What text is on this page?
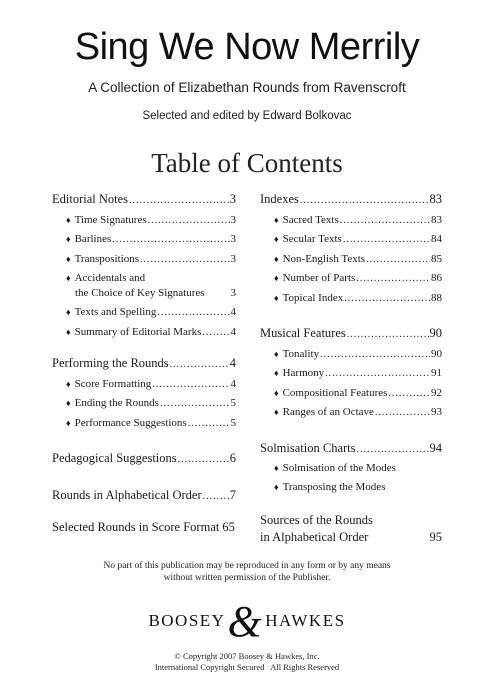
Sing We Now Merrily
A Collection of Elizabethan Rounds from Ravenscroft
Selected and edited by Edward Bolkovac
Table of Contents
Editorial Notes .....	3
♦ Time Signatures .....	3
♦ Barlines .....	3
♦ Transpositions .....	3
♦ Accidentals and
the Choice of Key Signatures 3
♦ Texts and Spelling .....	4
♦ Summary of Editorial Marks .....	4
Performing the Rounds .....	4
♦ Score Formatting .....	4
♦ Ending the Rounds .....	5
♦ Performance Suggestions .....	5
Pedagogical Suggestions .....	6
Rounds in Alphabetical Order ..... 7
Selected Rounds in Score Format 65
Indexes .....	83
♦ Sacred Texts .....	83
♦ Secular Texts .....	84
♦ Non-English Texts .....	85
♦ Number of Parts .....	86
♦ Topical Index .....	88
Musical Features .....	90
♦ Tonality .....	90
♦ Harmony .....	91
♦ Compositional Features .....	92
♦ Ranges of an Octave .....	93
Solmisation Charts .....	94
♦ Solmisation of the Modes
♦ Transposing the Modes
Sources of the Rounds
in Alphabetical Order	95
No part of this publication may be reproduced in any form or by any means
without written permission of the Publisher.
BOOSEY& HAWKES
© Copyright 2007 Boosey & Hawkes, Inc.
International Copyright Secured   All Rights Reserved
